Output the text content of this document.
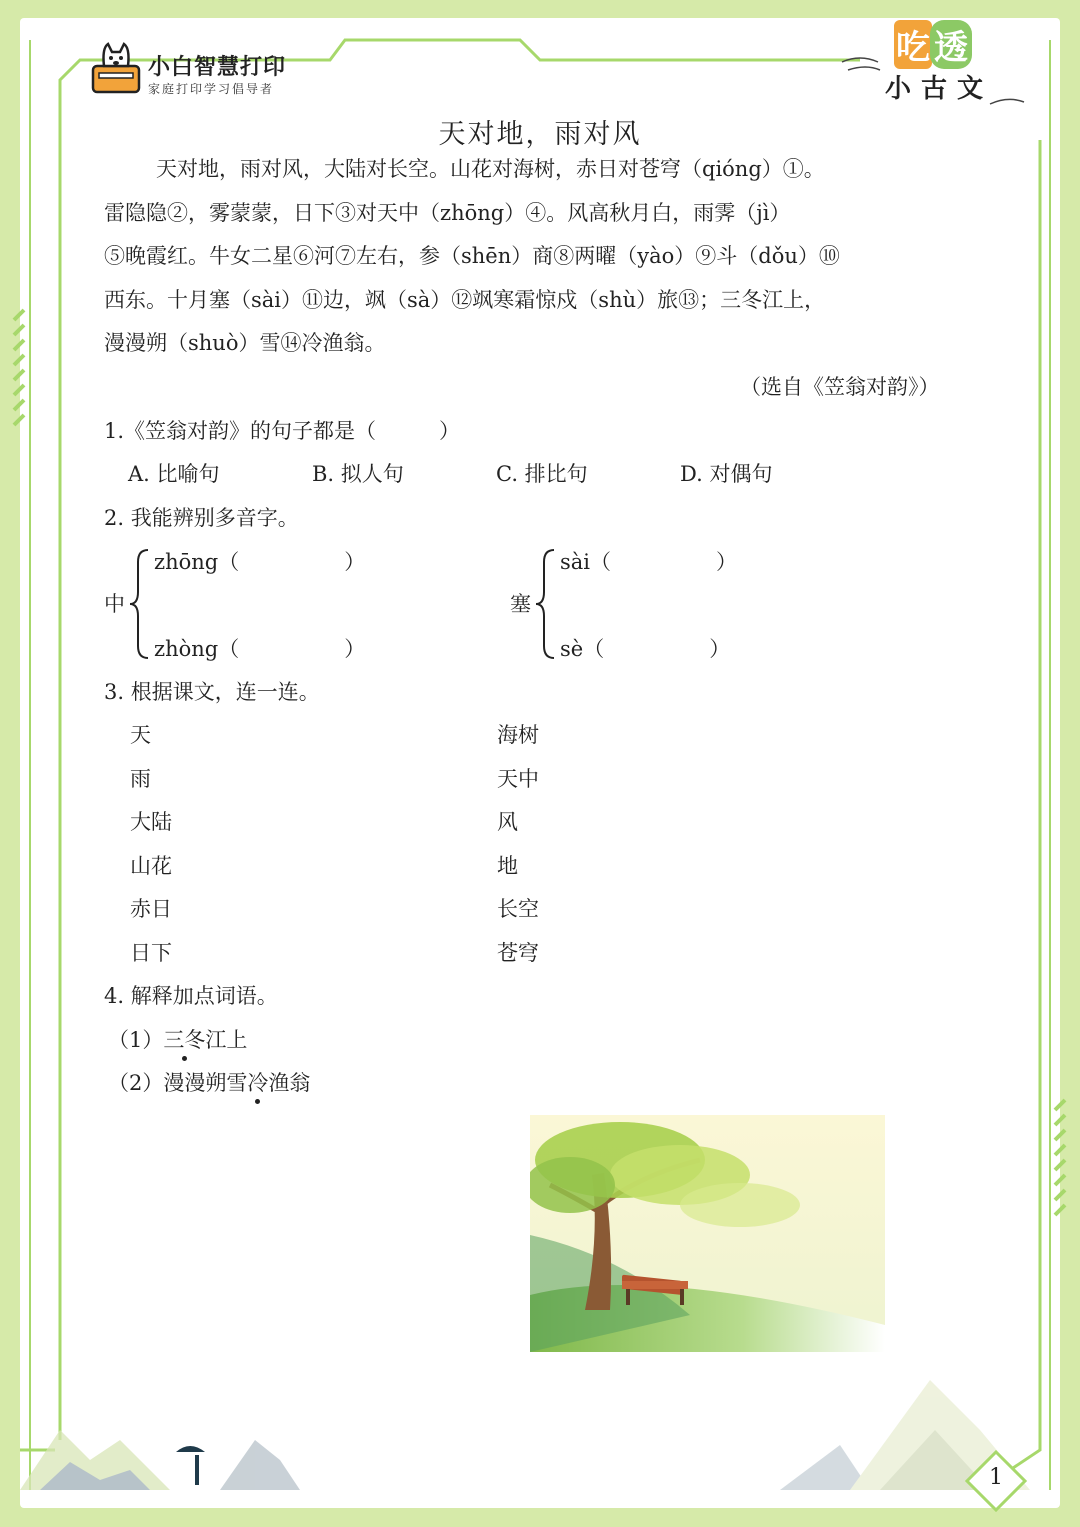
小白智慧打印
家庭打印学习倡导者
吃 透
小古文
天对地，雨对风
天对地，雨对风，大陆对长空。山花对海树，赤日对苍穹（qióng）①。
雷隐隐②，雾蒙蒙，日下③对天中（zhōng）④。风高秋月白，雨霁（jì）
⑤晚霞红。牛女二星⑥河⑦左右，参（shēn）商⑧两曜（yào）⑨斗（dǒu）⑩
西东。十月塞（sài）⑪边，飒（sà）⑫飒寒霜惊戍（shù）旅⑬；三冬江上，
漫漫朔（shuò）雪⑭冷渔翁。
（选自《笠翁对韵》）
1.《笠翁对韵》的句子都是（　　　）
A. 比喻句	B. 拟人句	C. 排比句	D. 对偶句
2. 我能辨别多音字。
中
zhōng（　　　　　）
zhòng（　　　　　）
塞
sài（　　　　　）
sè（　　　　　）
3. 根据课文，连一连。
天
雨
大陆
山花
赤日
日下
海树
天中
风
地
长空
苍穹
4. 解释加点词语。
（1）三冬江上
（2）漫漫朔雪冷渔翁
1
